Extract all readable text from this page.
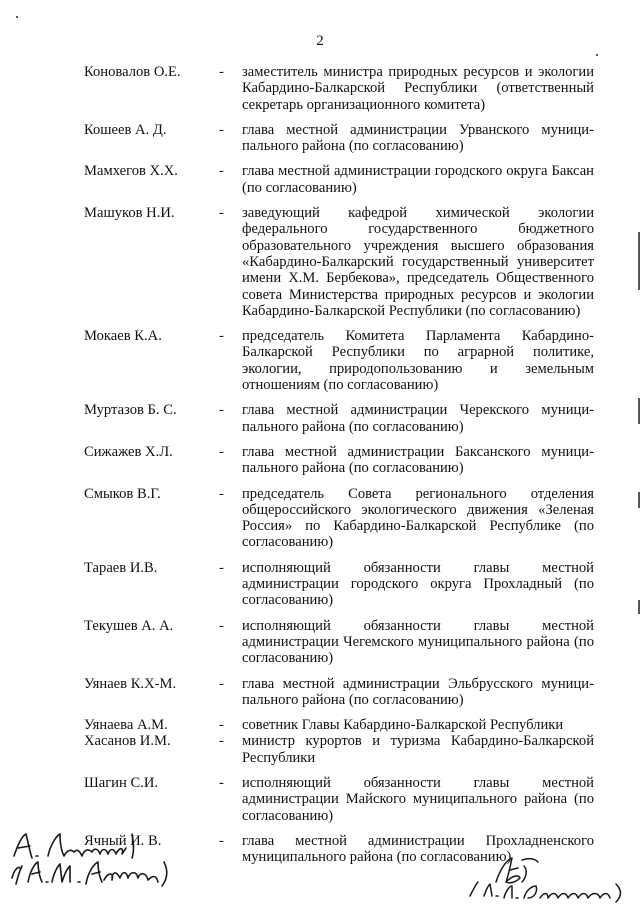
2
Коновалов О.Е.	- заместитель министра природных ресурсов и экологии Кабардино-Балкарской Республики (ответственный секретарь организационного комитета)
Кошеев А. Д.	- глава местной администрации Урванского муниципального района (по согласованию)
Мамхегов Х.Х.	- глава местной администрации городского округа Баксан (по согласованию)
Машуков Н.И.	- заведующий кафедрой химической экологии федерального государственного бюджетного образовательного учреждения высшего образования «Кабардино-Балкарский государственный университет имени Х.М. Бербекова», председатель Общественного совета Министерства природных ресурсов и экологии Кабардино-Балкарской Республики (по согласованию)
Мокаев К.А.	- председатель Комитета Парламента Кабардино-Балкарской Республики по аграрной политике, экологии, природопользованию и земельным отношениям (по согласованию)
Муртазов Б. С.	- глава местной администрации Черекского муниципального района (по согласованию)
Сижажев Х.Л.	- глава местной администрации Баксанского муниципального района (по согласованию)
Смыков В.Г.	- председатель Совета регионального отделения общероссийского экологического движения «Зеленая Россия» по Кабардино-Балкарской Республике (по согласованию)
Тараев И.В.	- исполняющий обязанности главы местной администрации городского округа Прохладный (по согласованию)
Текушев А. А.	- исполняющий обязанности главы местной администрации Чегемского муниципального района (по согласованию)
Уянаев К.Х-М.	- глава местной администрации Эльбрусского муниципального района (по согласованию)
Уянаева А.М.	- советник Главы Кабардино-Балкарской Республики
Хасанов И.М.	- министр курортов и туризма Кабардино-Балкарской Республики
Шагин С.И.	- исполняющий обязанности главы местной администрации Майского муниципального района (по согласованию)
Ячный И. В.	- глава местной администрации Прохладненского муниципального района (по согласованию)
